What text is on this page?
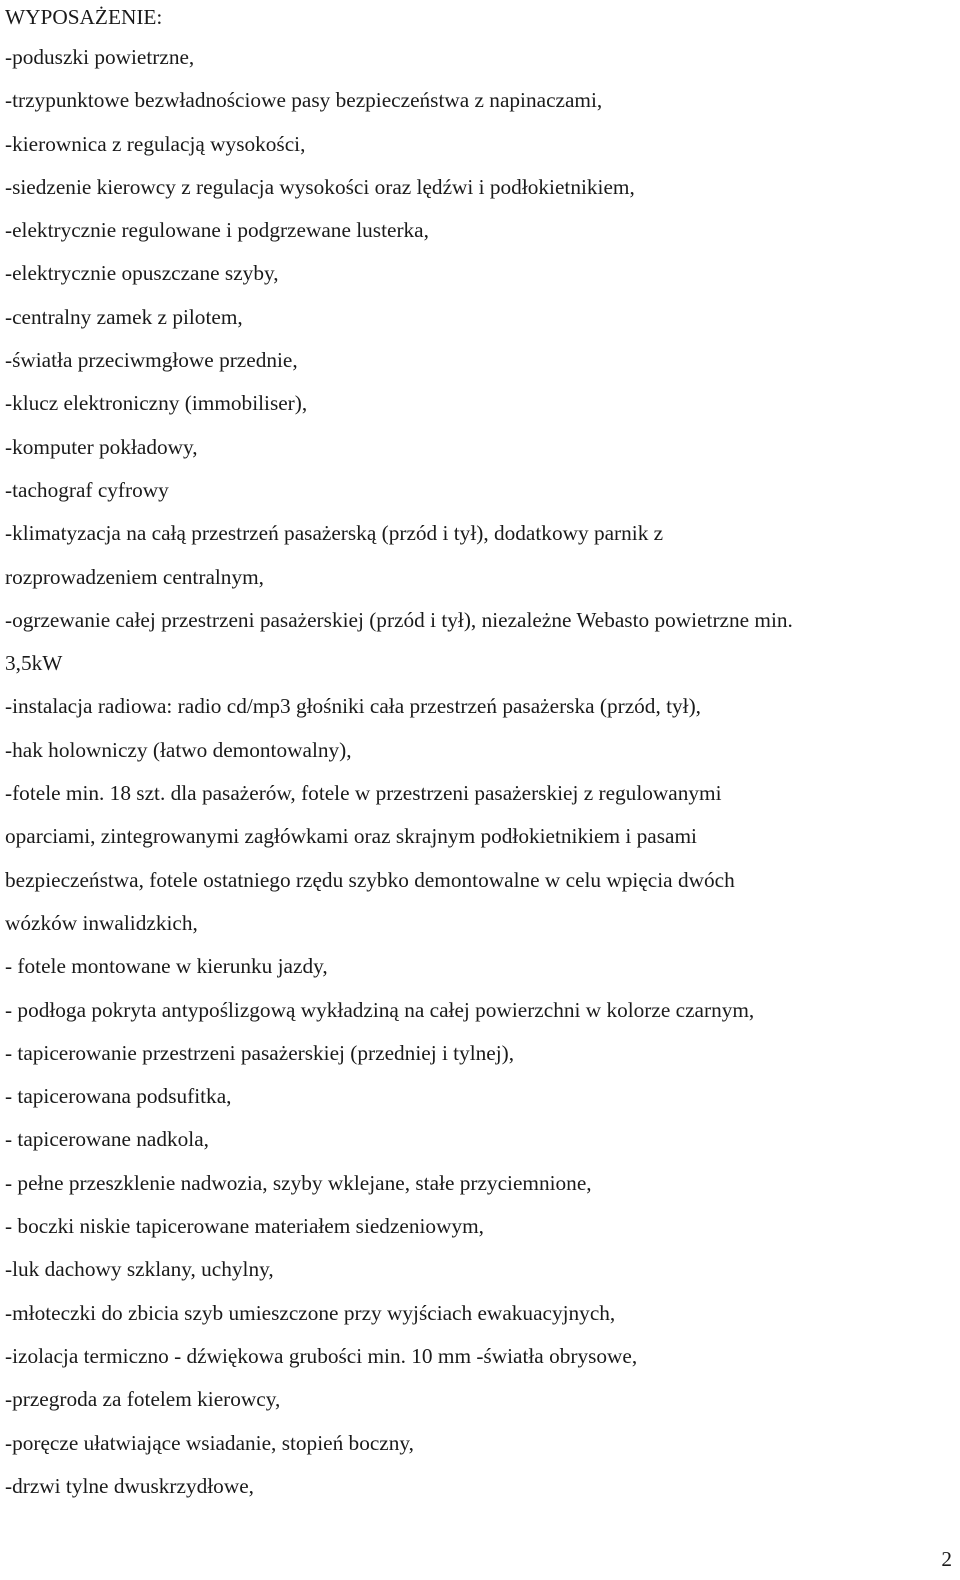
WYPOSAŻENIE:
-poduszki powietrzne,
-trzypunktowe bezwładnościowe pasy bezpieczeństwa z napinaczami,
-kierownica z regulacją wysokości,
-siedzenie kierowcy z regulacja wysokości oraz lędźwi i podłokietnikiem,
-elektrycznie regulowane i podgrzewane lusterka,
-elektrycznie opuszczane szyby,
-centralny zamek z pilotem,
-światła przeciwmgłowe przednie,
-klucz elektroniczny (immobiliser),
-komputer pokładowy,
-tachograf cyfrowy
-klimatyzacja na całą przestrzeń pasażerską (przód i tył), dodatkowy parnik z
rozprowadzeniem centralnym,
-ogrzewanie całej przestrzeni pasażerskiej (przód i tył), niezależne Webasto powietrzne min.
3,5kW
-instalacja radiowa: radio cd/mp3 głośniki cała przestrzeń pasażerska (przód, tył),
-hak holowniczy (łatwo demontowalny),
-fotele min. 18 szt. dla pasażerów, fotele w przestrzeni pasażerskiej z regulowanymi
oparciami, zintegrowanymi zagłówkami oraz skrajnym podłokietnikiem i pasami
bezpieczeństwa, fotele ostatniego rzędu szybko demontowalne w celu wpięcia dwóch
wózków inwalidzkich,
- fotele montowane w kierunku jazdy,
- podłoga pokryta antypoślizgową wykładziną na całej powierzchni w kolorze czarnym,
- tapicerowanie przestrzeni pasażerskiej (przedniej i tylnej),
- tapicerowana podsufitka,
- tapicerowane nadkola,
- pełne przeszklenie nadwozia, szyby wklejane, stałe przyciemnione,
- boczki niskie tapicerowane materiałem siedzeniowym,
-luk dachowy szklany, uchylny,
-młoteczki do zbicia szyb umieszczone przy wyjściach ewakuacyjnych,
-izolacja termiczno - dźwiękowa grubości min. 10 mm -światła obrysowe,
-przegroda za fotelem kierowcy,
-poręcze ułatwiające wsiadanie, stopień boczny,
-drzwi tylne dwuskrzydłowe,
2
